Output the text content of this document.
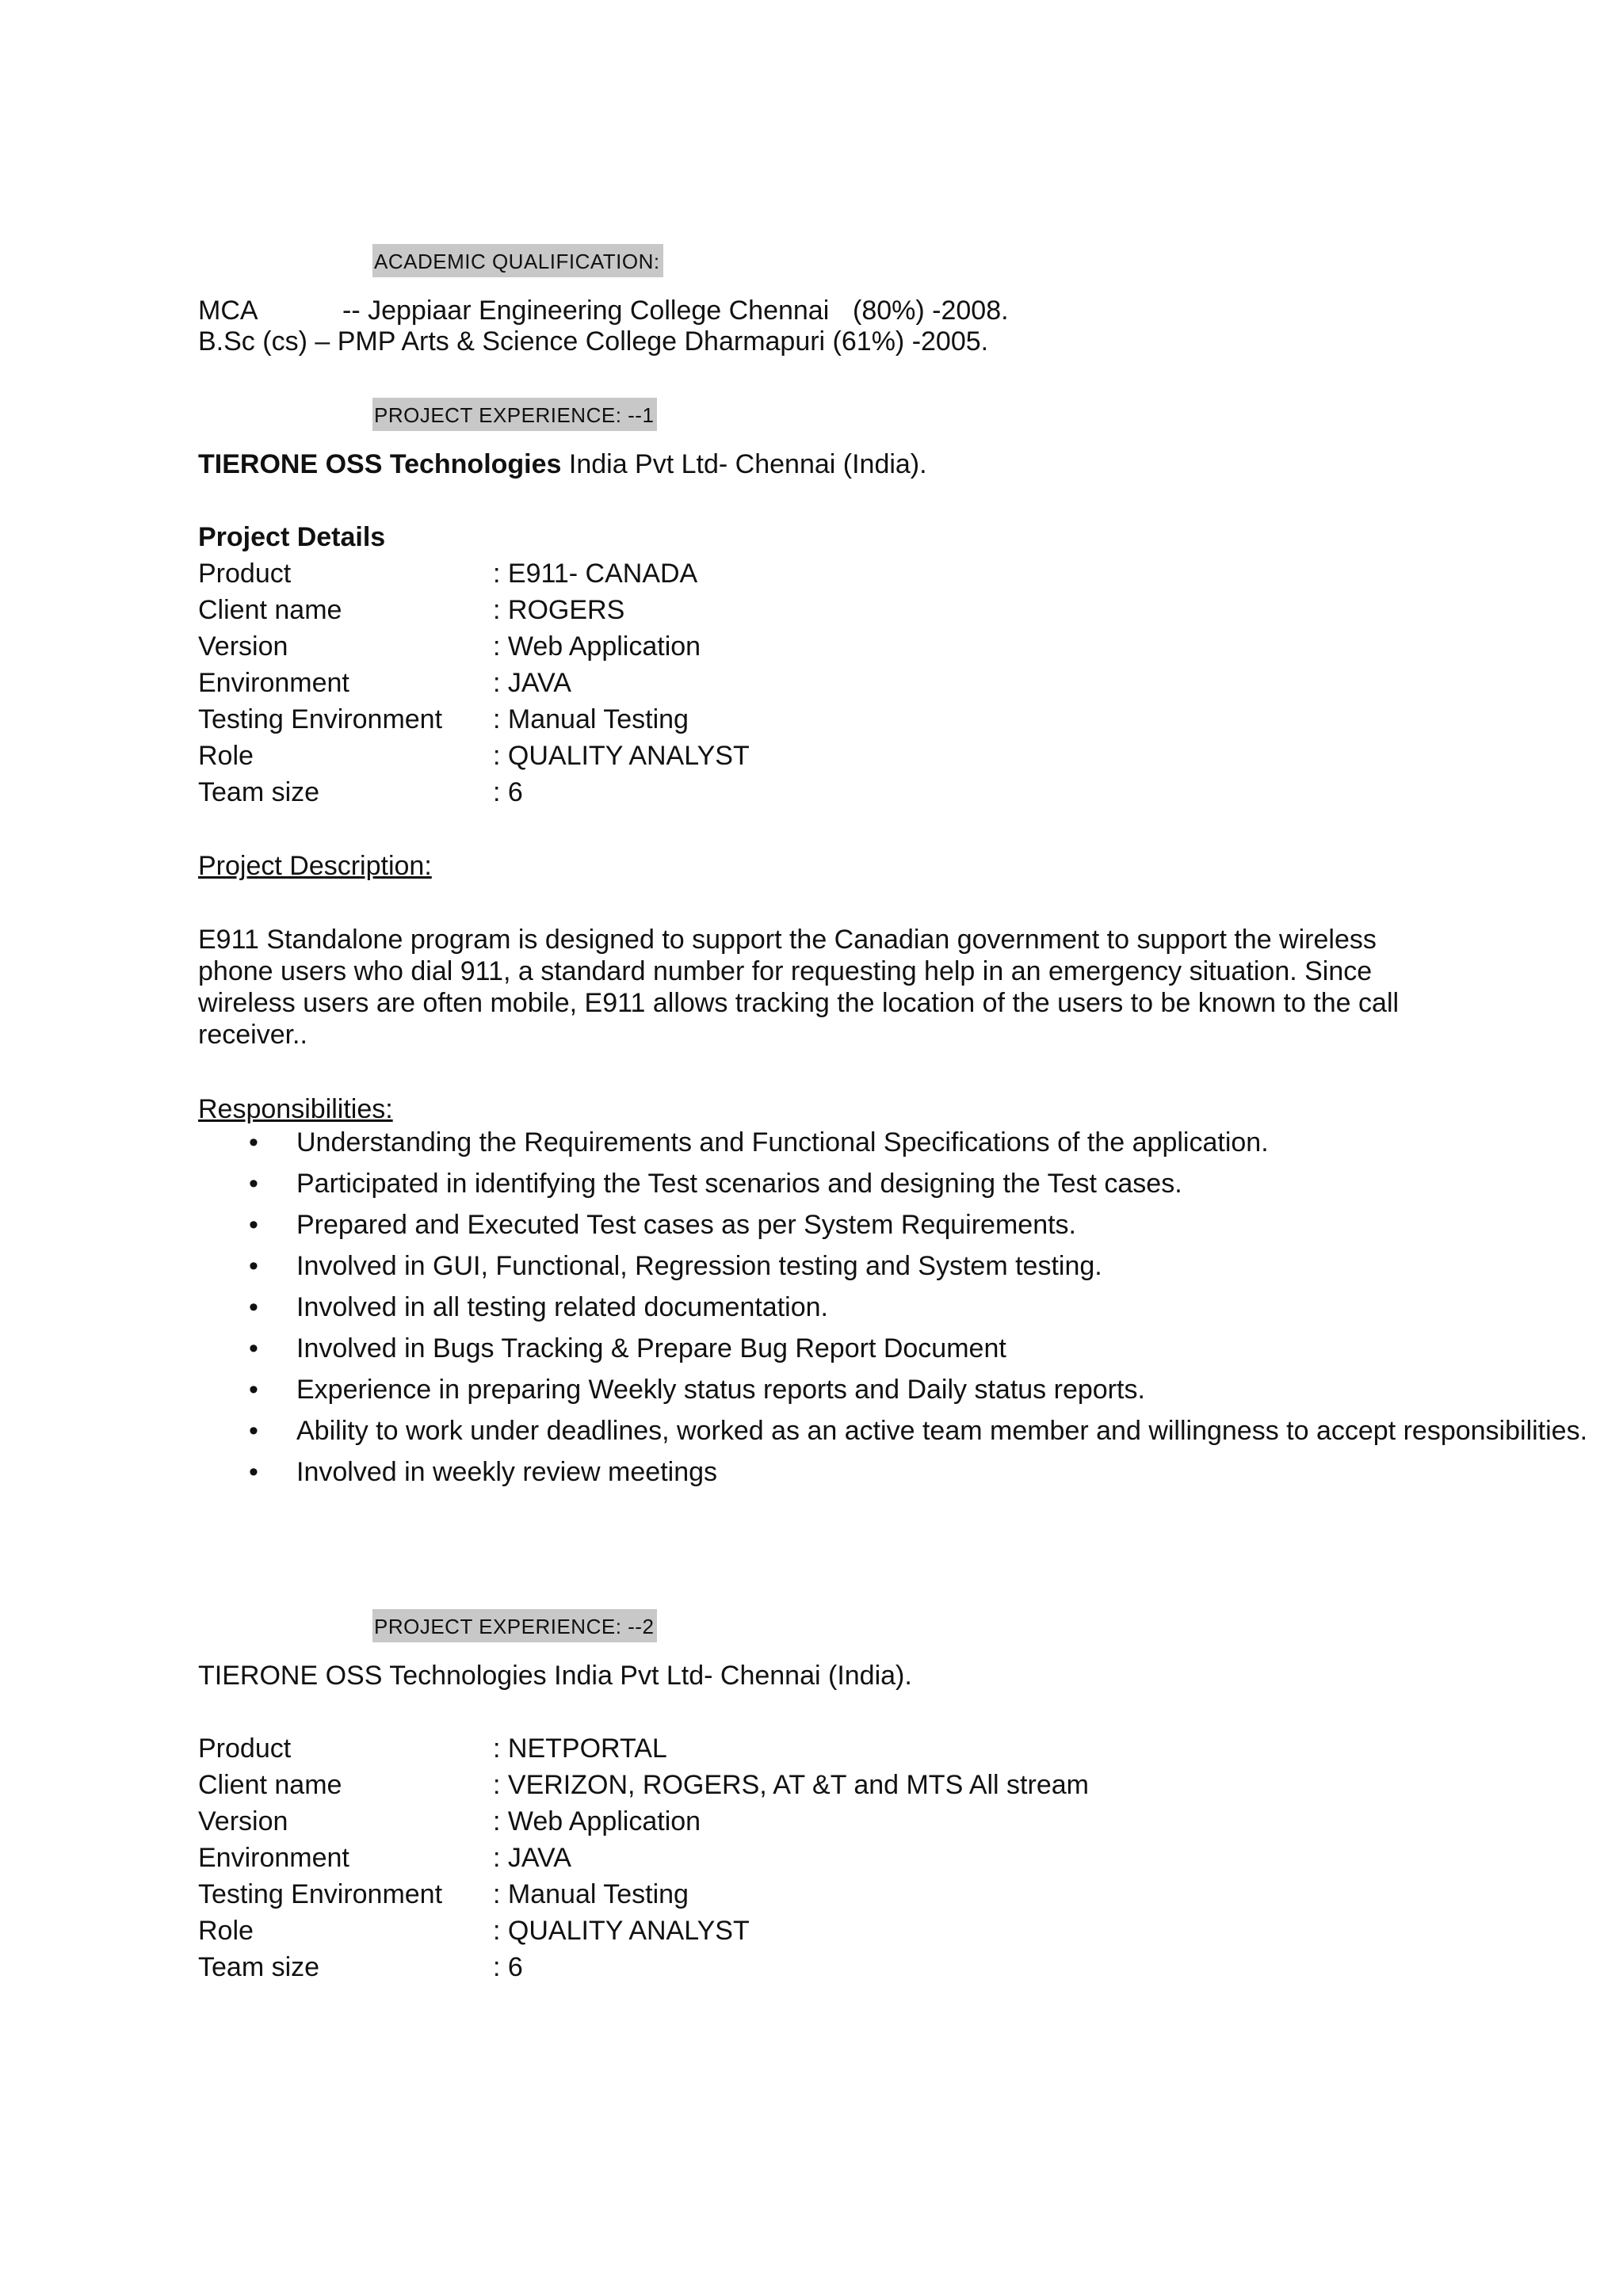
ACADEMIC QUALIFICATION:
MCA	-- Jeppiaar Engineering College Chennai (80%) -2008.
B.Sc (cs) – PMP Arts & Science College Dharmapuri (61%) -2005.
PROJECT EXPERIENCE: --1
TIERONE OSS Technologies India Pvt Ltd- Chennai (India).
Project Details
Product	: E911- CANADA
Client name	: ROGERS
Version	: Web Application
Environment	: JAVA
Testing Environment : Manual Testing
Role	: QUALITY ANALYST
Team size	: 6
Project Description:
E911 Standalone program is designed to support the Canadian government to support the wireless phone users who dial 911, a standard number for requesting help in an emergency situation. Since wireless users are often mobile, E911 allows tracking the location of the users to be known to the call receiver..
Responsibilities:
• Understanding the Requirements and Functional Specifications of the application.
• Participated in identifying the Test scenarios and designing the Test cases.
• Prepared and Executed Test cases as per System Requirements.
• Involved in GUI, Functional, Regression testing and System testing.
• Involved in all testing related documentation.
• Involved in Bugs Tracking & Prepare Bug Report Document
• Experience in preparing Weekly status reports and Daily status reports.
• Ability to work under deadlines, worked as an active team member and willingness to accept responsibilities.
• Involved in weekly review meetings
PROJECT EXPERIENCE: --2
TIERONE OSS Technologies India Pvt Ltd- Chennai (India).
Product	: NETPORTAL
Client name	: VERIZON, ROGERS, AT &T and MTS All stream
Version	: Web Application
Environment	: JAVA
Testing Environment : Manual Testing
Role	: QUALITY ANALYST
Team size	: 6
